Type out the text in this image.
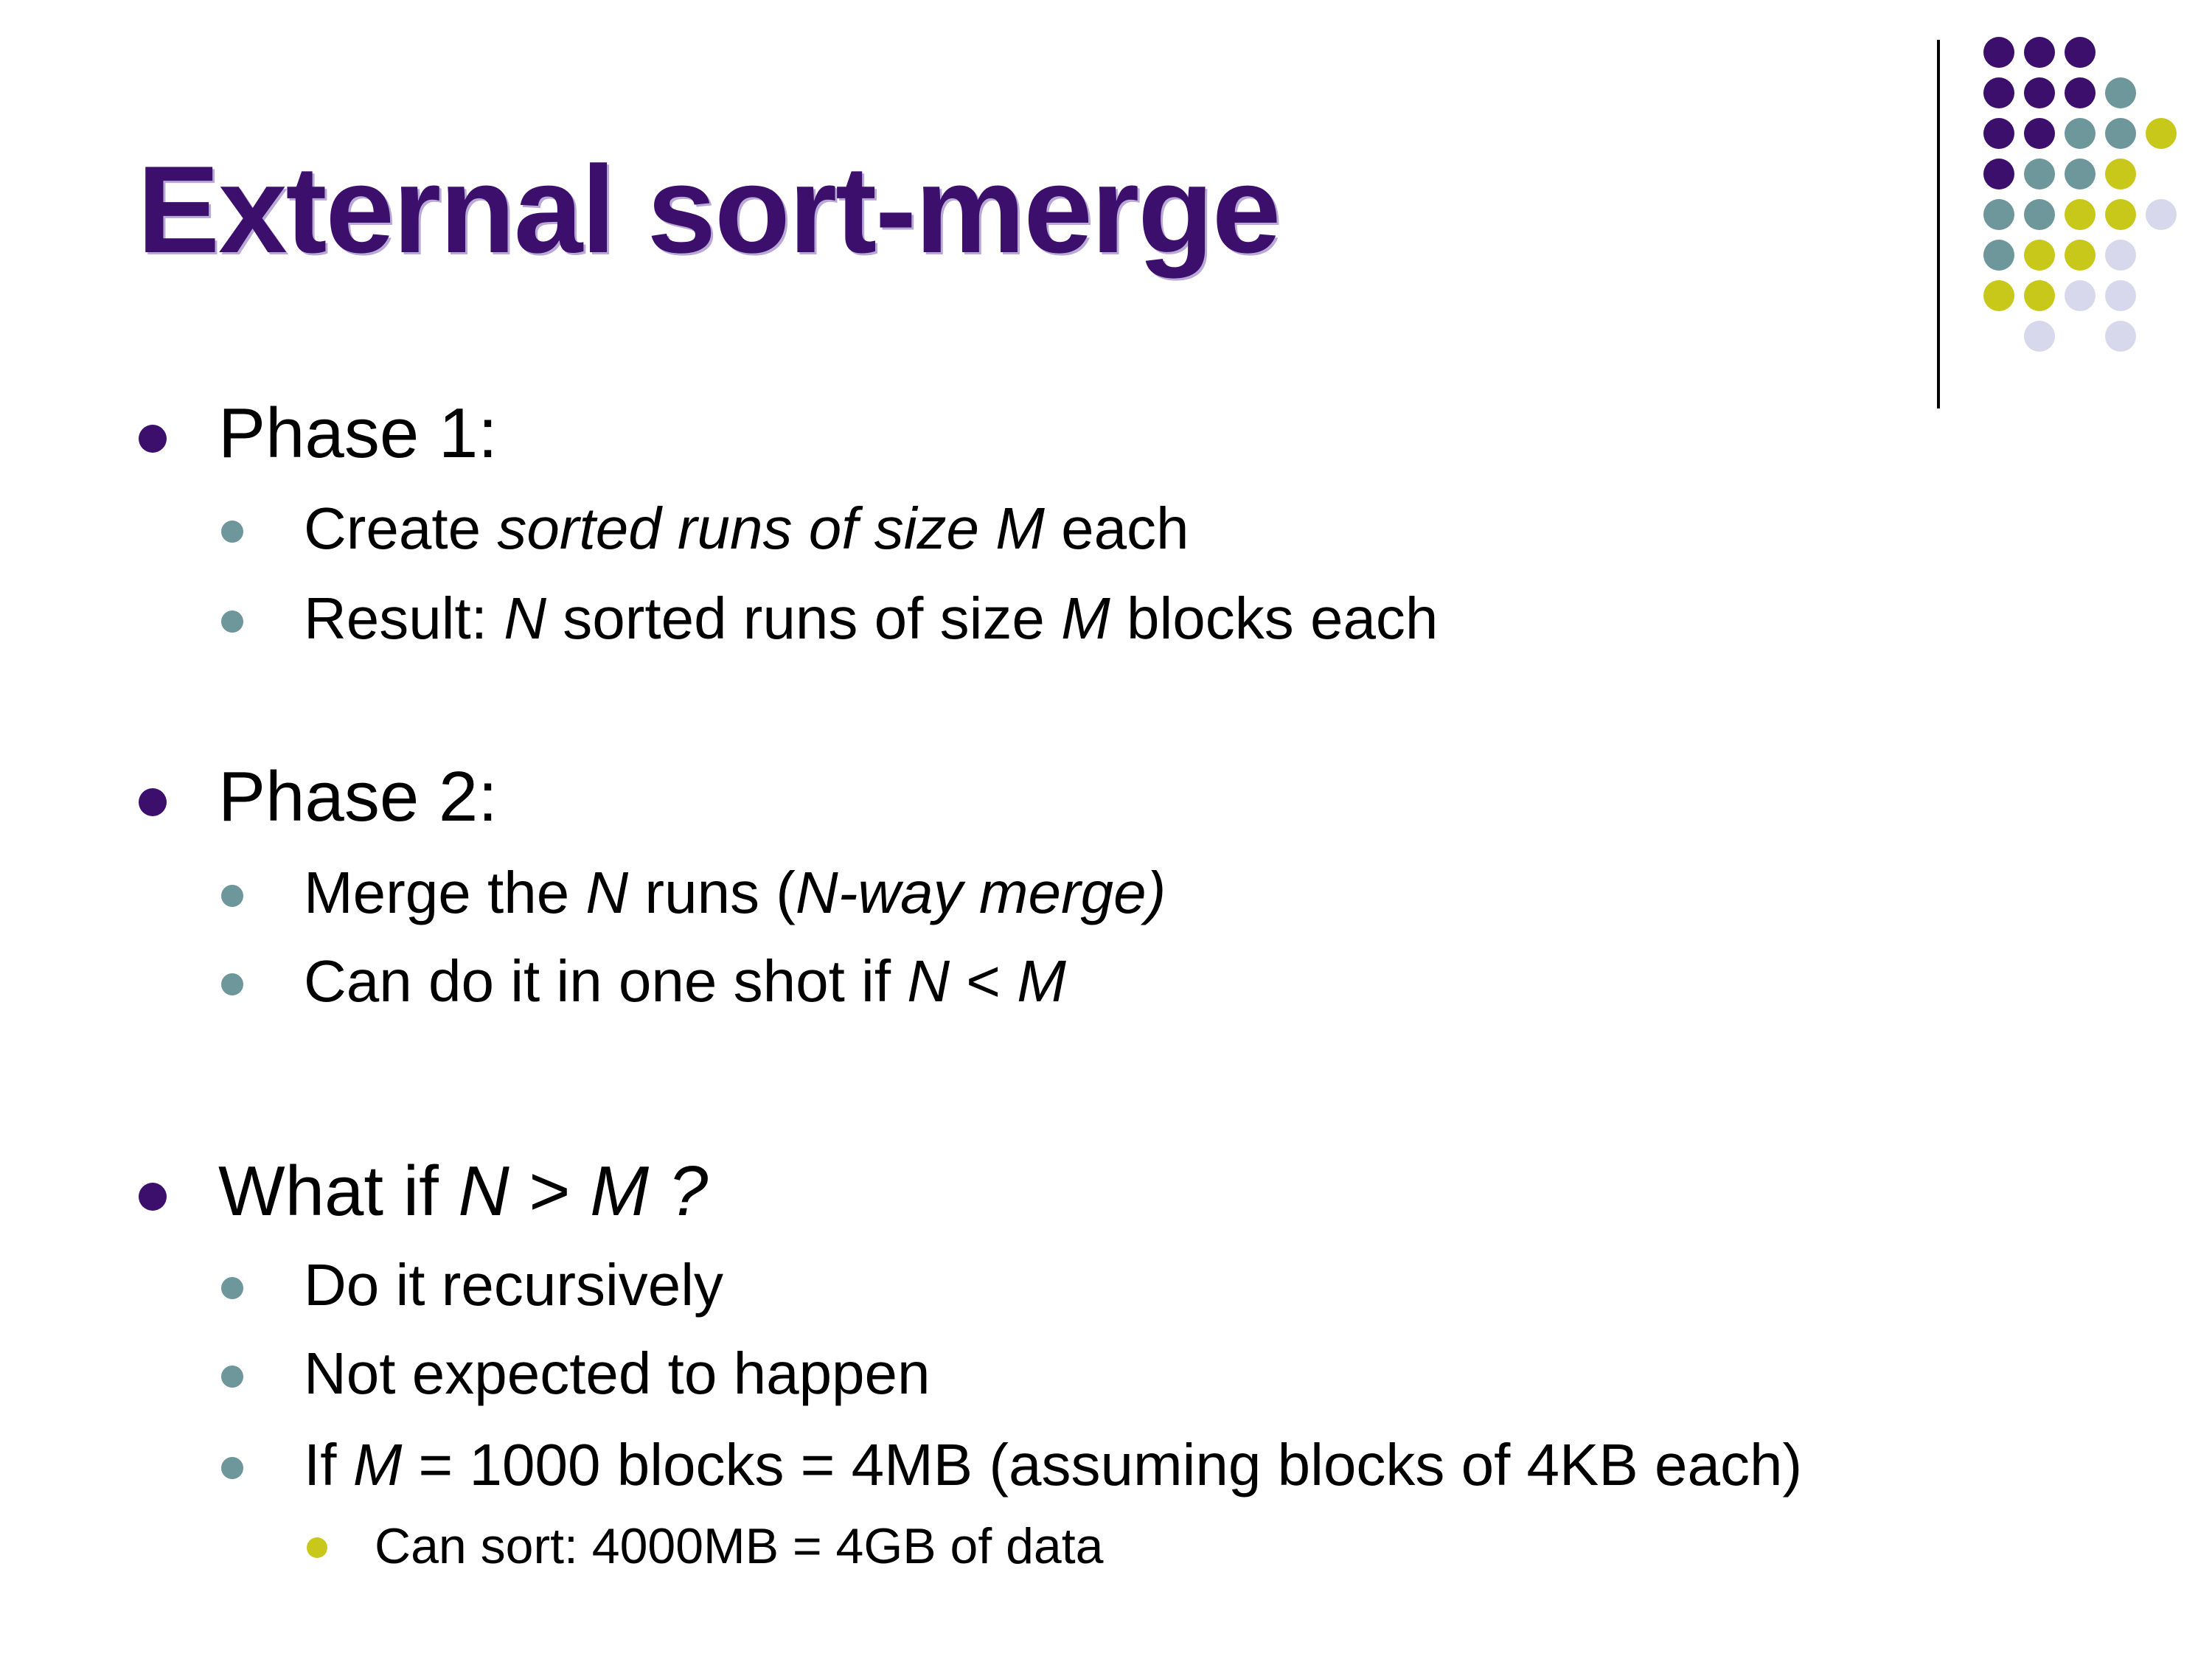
External sort-merge
Phase 1:
Create sorted runs of size M each
Result: N sorted runs of size M blocks each
Phase 2:
Merge the N runs (N-way merge)
Can do it in one shot if N < M
What if N > M ?
Do it recursively
Not expected to happen
If M = 1000 blocks = 4MB (assuming blocks of 4KB each)
Can sort: 4000MB = 4GB of data
